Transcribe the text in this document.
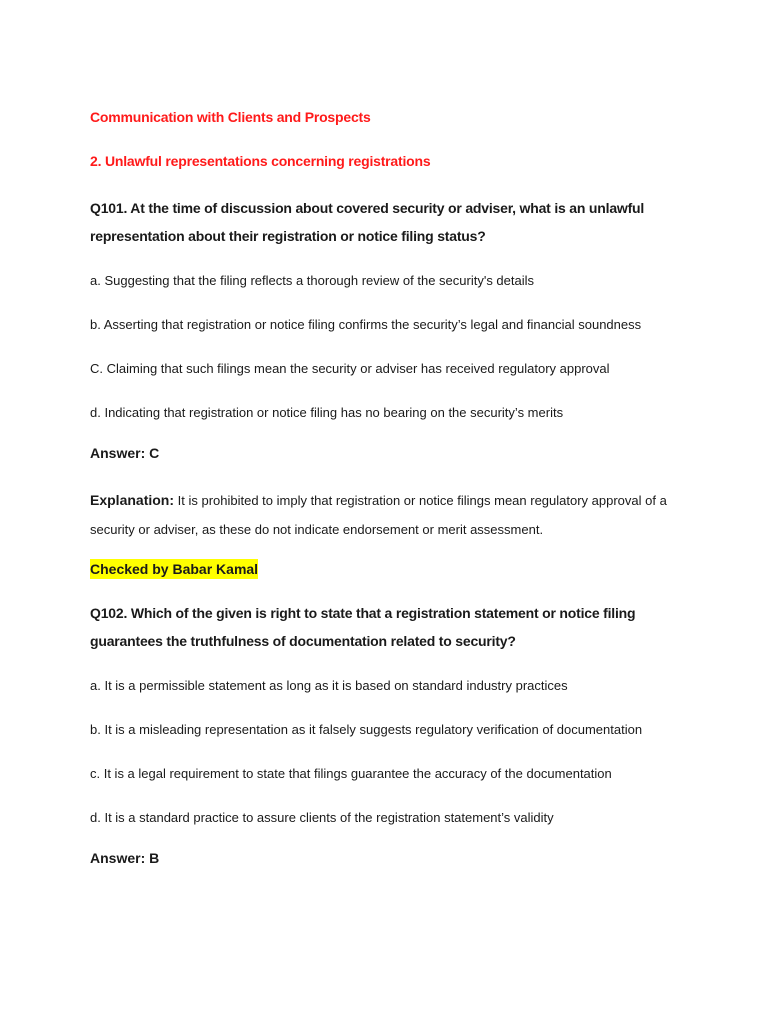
Communication with Clients and Prospects
2. Unlawful representations concerning registrations
Q101. At the time of discussion about covered security or adviser, what is an unlawful representation about their registration or notice filing status?
a. Suggesting that the filing reflects a thorough review of the security's details
b. Asserting that registration or notice filing confirms the security’s legal and financial soundness
C. Claiming that such filings mean the security or adviser has received regulatory approval
d. Indicating that registration or notice filing has no bearing on the security’s merits
Answer: C
Explanation: It is prohibited to imply that registration or notice filings mean regulatory approval of a security or adviser, as these do not indicate endorsement or merit assessment.
Checked by Babar Kamal
Q102. Which of the given is right to state that a registration statement or notice filing guarantees the truthfulness of documentation related to security?
a. It is a permissible statement as long as it is based on standard industry practices
b. It is a misleading representation as it falsely suggests regulatory verification of documentation
c. It is a legal requirement to state that filings guarantee the accuracy of the documentation
d. It is a standard practice to assure clients of the registration statement’s validity
Answer: B
